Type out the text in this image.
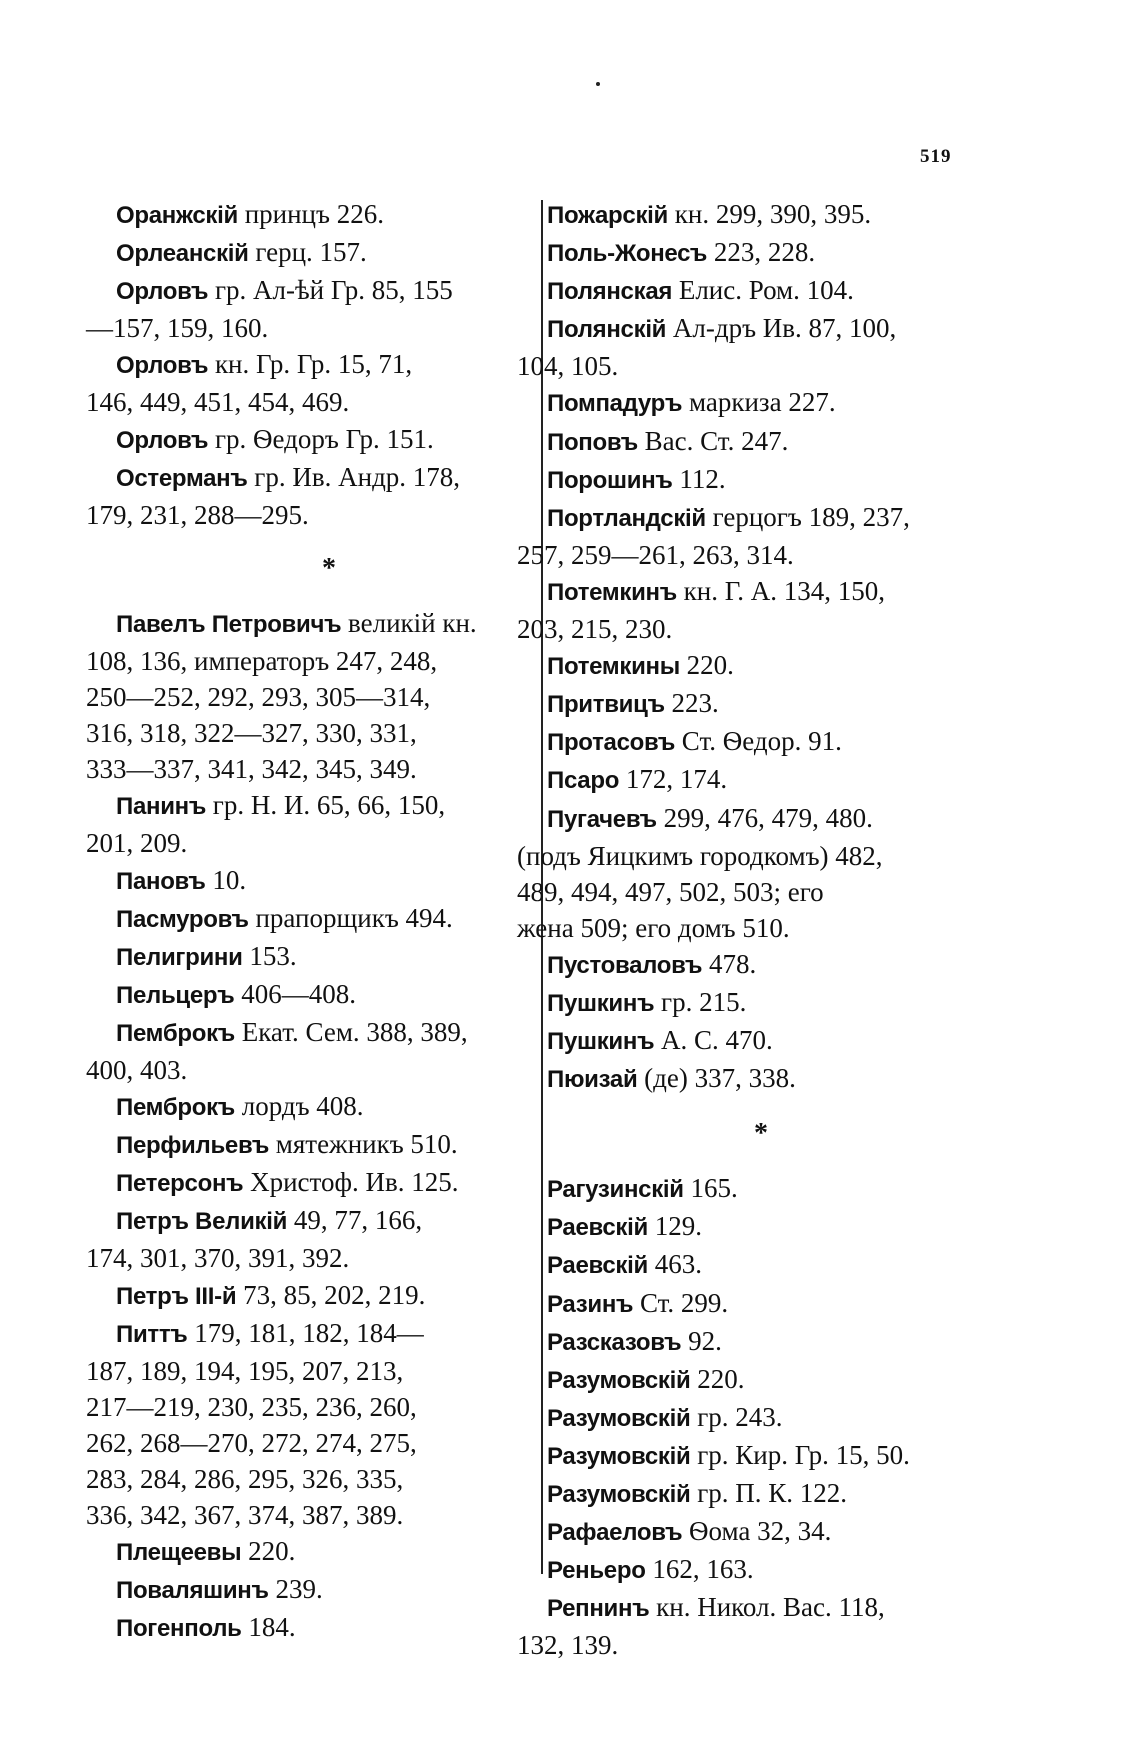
519
Оранжскій принцъ 226.
Орлеанскій герц. 157.
Орловъ гр. Ал-ѣй Гр. 85, 155
—157, 159, 160.
Орловъ кн. Гр. Гр. 15, 71,
146, 449, 451, 454, 469.
Орловъ гр. Ѳедоръ Гр. 151.
Остерманъ гр. Ив. Андр. 178,
179, 231, 288—295.
*
Павелъ Петровичъ великій кн.
108, 136, императоръ 247, 248,
250—252, 292, 293, 305—314,
316, 318, 322—327, 330, 331,
333—337, 341, 342, 345, 349.
Панинъ гр. Н. И. 65, 66, 150,
201, 209.
Пановъ 10.
Пасмуровъ прапорщикъ 494.
Пелигрини 153.
Пельцеръ 406—408.
Пемброкъ Екат. Сем. 388, 389,
400, 403.
Пемброкъ лордъ 408.
Перфильевъ мятежникъ 510.
Петерсонъ Христоф. Ив. 125.
Петръ Великій 49, 77, 166,
174, 301, 370, 391, 392.
Петръ III-й 73, 85, 202, 219.
Питтъ 179, 181, 182, 184—
187, 189, 194, 195, 207, 213,
217—219, 230, 235, 236, 260,
262, 268—270, 272, 274, 275,
283, 284, 286, 295, 326, 335,
336, 342, 367, 374, 387, 389.
Плещеевы 220.
Поваляшинъ 239.
Погенполь 184.
Пожарскій кн. 299, 390, 395.
Поль-Жонесъ 223, 228.
Полянская Елис. Ром. 104.
Полянскій Ал-дръ Ив. 87, 100,
104, 105.
Помпадуръ маркиза 227.
Поповъ Вас. Ст. 247.
Порошинъ 112.
Портландскій герцогъ 189, 237,
257, 259—261, 263, 314.
Потемкинъ кн. Г. А. 134, 150,
203, 215, 230.
Потемкины 220.
Притвицъ 223.
Протасовъ Ст. Ѳедор. 91.
Псаро 172, 174.
Пугачевъ 299, 476, 479, 480.
(подъ Яицкимъ городкомъ) 482,
489, 494, 497, 502, 503; его
жена 509; его домъ 510.
Пустоваловъ 478.
Пушкинъ гр. 215.
Пушкинъ А. С. 470.
Пюизай (де) 337, 338.
*
Рагузинскій 165.
Раевскій 129.
Раевскій 463.
Разинъ Ст. 299.
Разсказовъ 92.
Разумовскій 220.
Разумовскій гр. 243.
Разумовскій гр. Кир. Гр. 15, 50.
Разумовскій гр. П. К. 122.
Рафаеловъ Ѳома 32, 34.
Реньеро 162, 163.
Репнинъ кн. Никол. Вас. 118,
132, 139.
